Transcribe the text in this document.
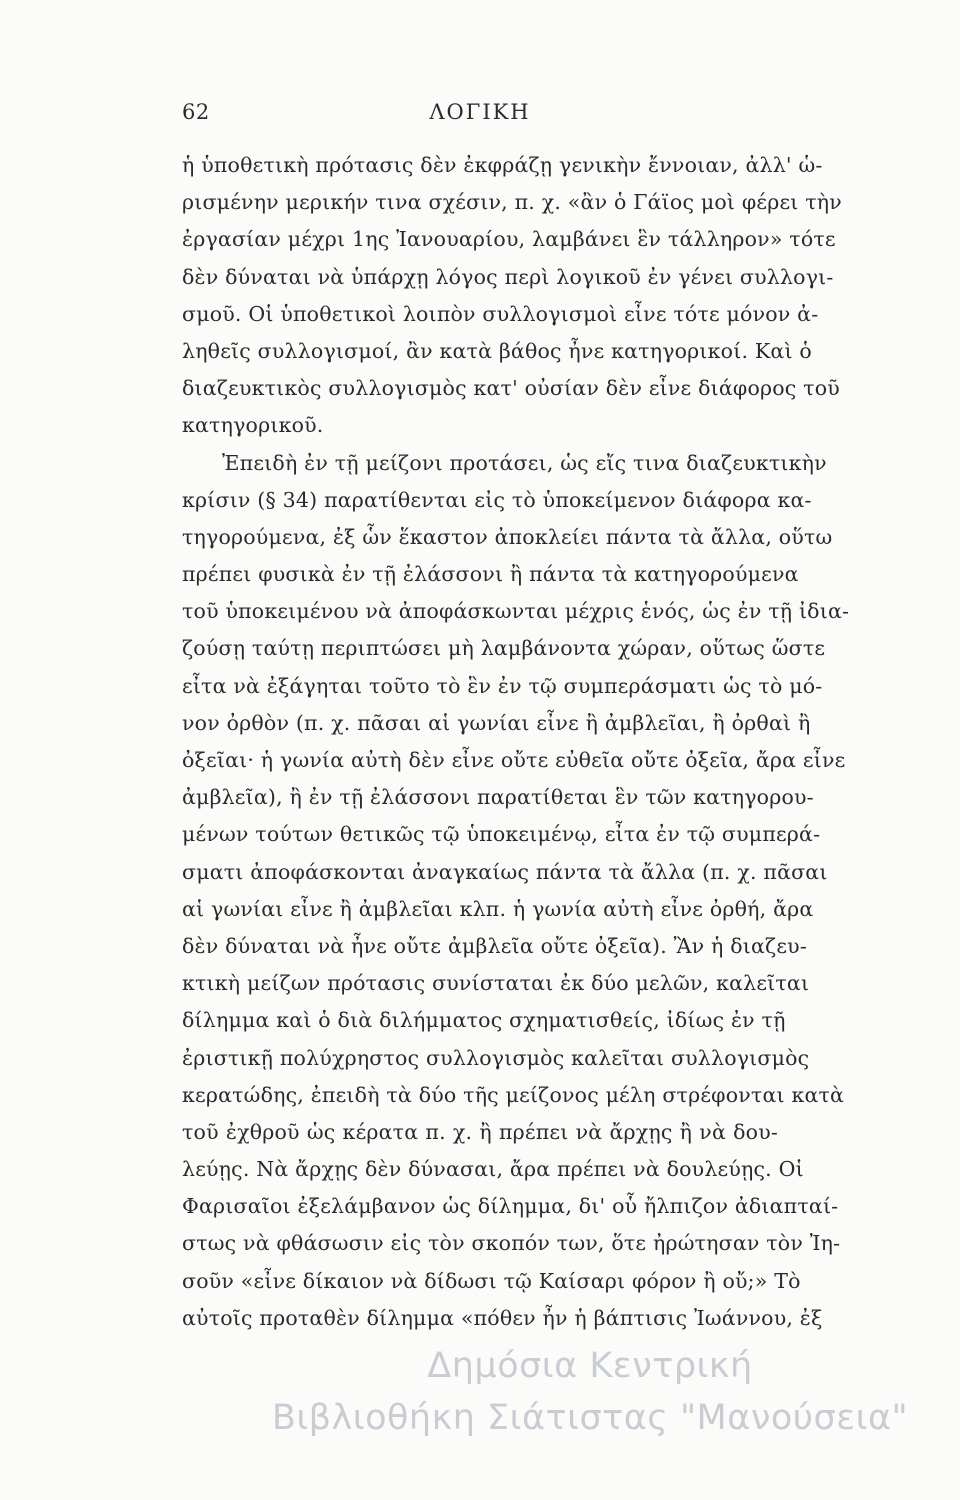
62	ΛΟΓΙΚΗ
ἡ ὑποθετικὴ πρότασις δὲν ἐκφράζῃ γενικὴν ἔννοιαν, ἀλλ' ὡ-
ρισμένην μερικήν τινα σχέσιν, π. χ. «ἂν ὁ Γάϊος μοὶ φέρει τὴν
ἐργασίαν μέχρι 1ης Ἰανουαρίου, λαμβάνει ἓν τάλληρον» τότε
δὲν δύναται νὰ ὑπάρχῃ λόγος περὶ λογικοῦ ἐν γένει συλλογι-
σμοῦ. Οἱ ὑποθετικοὶ λοιπὸν συλλογισμοὶ εἶνε τότε μόνον ἀ-
ληθεῖς συλλογισμοί, ἂν κατὰ βάθος ἦνε κατηγορικοί. Καὶ ὁ
διαζευκτικὸς συλλογισμὸς κατ' οὐσίαν δὲν εἶνε διάφορος τοῦ
κατηγορικοῦ.
Ἐπειδὴ ἐν τῇ μείζονι προτάσει, ὡς εἴς τινα διαζευκτικὴν
κρίσιν (§ 34) παρατίθενται εἰς τὸ ὑποκείμενον διάφορα κα-
τηγορούμενα, ἐξ ὧν ἕκαστον ἀποκλείει πάντα τὰ ἄλλα, οὕτω
πρέπει φυσικὰ ἐν τῇ ἐλάσσονι ἢ πάντα τὰ κατηγορούμενα
τοῦ ὑποκειμένου νὰ ἀποφάσκωνται μέχρις ἑνός, ὡς ἐν τῇ ἰδια-
ζούσῃ ταύτῃ περιπτώσει μὴ λαμβάνοντα χώραν, οὕτως ὥστε
εἶτα νὰ ἐξάγηται τοῦτο τὸ ἓν ἐν τῷ συμπεράσματι ὡς τὸ μό-
νον ὀρθὸν (π. χ. πᾶσαι αἱ γωνίαι εἶνε ἢ ἀμβλεῖαι, ἢ ὀρθαὶ ἢ
ὀξεῖαι· ἡ γωνία αὐτὴ δὲν εἶνε οὔτε εὐθεῖα οὔτε ὀξεῖα, ἄρα εἶνε
ἀμβλεῖα), ἢ ἐν τῇ ἐλάσσονι παρατίθεται ἓν τῶν κατηγορου-
μένων τούτων θετικῶς τῷ ὑποκειμένῳ, εἶτα ἐν τῷ συμπερά-
σματι ἀποφάσκονται ἀναγκαίως πάντα τὰ ἄλλα (π. χ. πᾶσαι
αἱ γωνίαι εἶνε ἢ ἀμβλεῖαι κλπ. ἡ γωνία αὐτὴ εἶνε ὀρθή, ἄρα
δὲν δύναται νὰ ἦνε οὔτε ἀμβλεῖα οὔτε ὀξεῖα). Ἂν ἡ διαζευ-
κτικὴ μείζων πρότασις συνίσταται ἐκ δύο μελῶν, καλεῖται
δίλημμα καὶ ὁ διὰ διλήμματος σχηματισθείς, ἰδίως ἐν τῇ
ἐριστικῇ πολύχρηστος συλλογισμὸς καλεῖται συλλογισμὸς
κερατώδης, ἐπειδὴ τὰ δύο τῆς μείζονος μέλη στρέφονται κατὰ
τοῦ ἐχθροῦ ὡς κέρατα π. χ. ἢ πρέπει νὰ ἄρχῃς ἢ νὰ δου-
λεύῃς. Νὰ ἄρχῃς δὲν δύνασαι, ἄρα πρέπει νὰ δουλεύῃς. Οἱ
Φαρισαῖοι ἐξελάμβανον ὡς δίλημμα, δι' οὗ ἤλπιζον ἀδιαπταί-
στως νὰ φθάσωσιν εἰς τὸν σκοπόν των, ὅτε ἠρώτησαν τὸν Ἰη-
σοῦν «εἶνε δίκαιον νὰ δίδωσι τῷ Καίσαρι φόρον ἢ οὔ;» Τὸ
αὐτοῖς προταθὲν δίλημμα «πόθεν ἦν ἡ βάπτισις Ἰωάννου, ἐξ
Δημόσια Κεντρική
Βιβλιοθήκη Σιάτιστας "Μανούσεια"
